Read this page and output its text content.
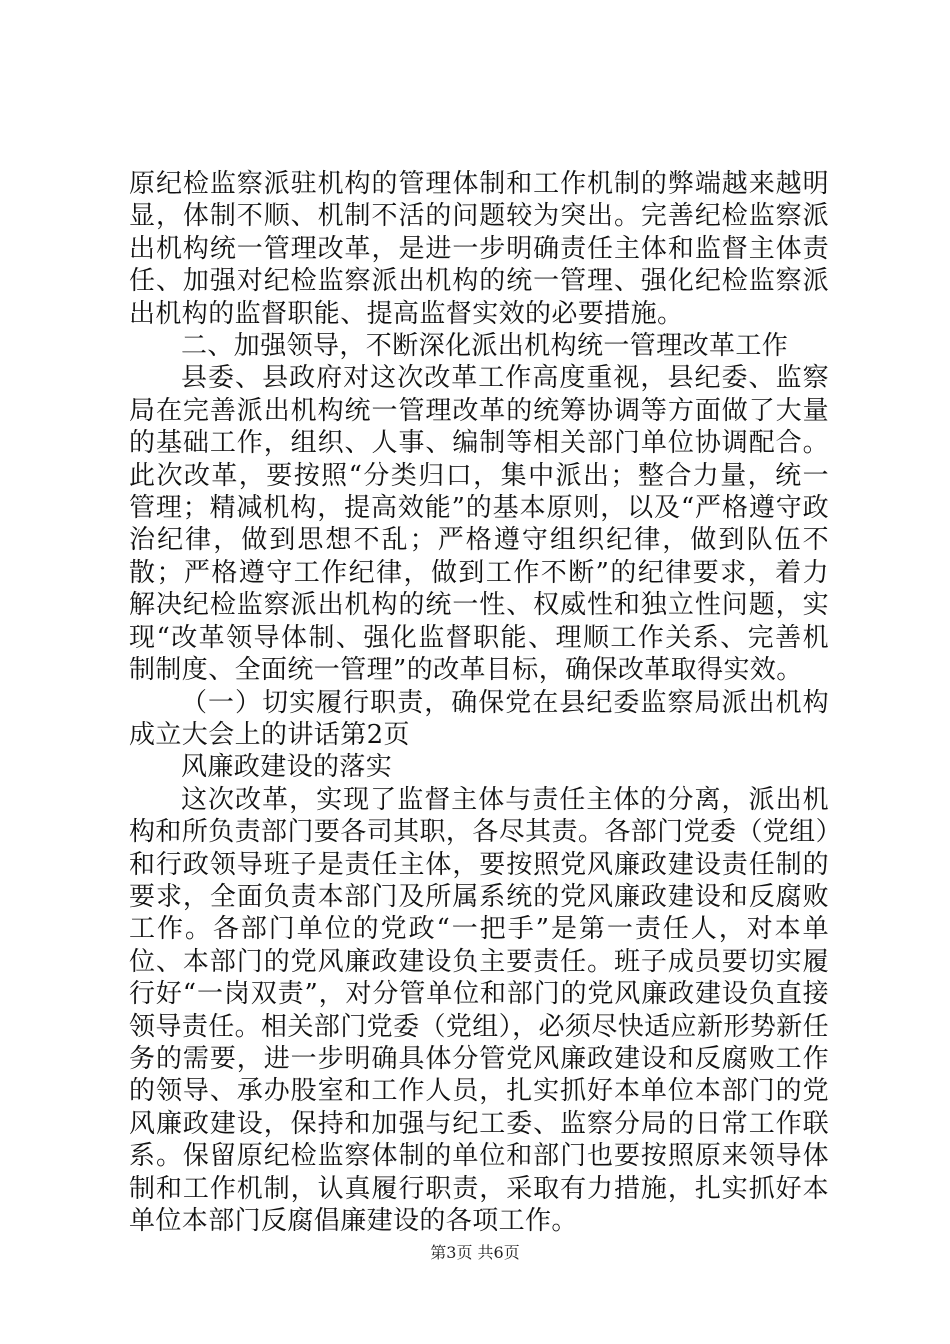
原纪检监察派驻机构的管理体制和工作机制的弊端越来越明显，体制不顺、机制不活的问题较为突出。完善纪检监察派出机构统一管理改革，是进一步明确责任主体和监督主体责任、加强对纪检监察派出机构的统一管理、强化纪检监察派出机构的监督职能、提高监督实效的必要措施。

二、加强领导，不断深化派出机构统一管理改革工作

县委、县政府对这次改革工作高度重视，县纪委、监察局在完善派出机构统一管理改革的统筹协调等方面做了大量的基础工作，组织、人事、编制等相关部门单位协调配合。此次改革，要按照“分类归口，集中派出；整合力量，统一管理；精减机构，提高效能”的基本原则，以及“严格遵守政治纪律，做到思想不乱；严格遵守组织纪律，做到队伍不散；严格遵守工作纪律，做到工作不断”的纪律要求，着力解决纪检监察派出机构的统一性、权威性和独立性问题，实现“改革领导体制、强化监督职能、理顺工作关系、完善机制制度、全面统一管理”的改革目标，确保改革取得实效。

（一）切实履行职责，确保党在县纪委监察局派出机构成立大会上的讲话第2页

风廉政建设的落实

这次改革，实现了监督主体与责任主体的分离，派出机构和所负责部门要各司其职，各尽其责。各部门党委（党组）和行政领导班子是责任主体，要按照党风廉政建设责任制的要求，全面负责本部门及所属系统的党风廉政建设和反腐败工作。各部门单位的党政“一把手”是第一责任人，对本单位、本部门的党风廉政建设负主要责任。班子成员要切实履行好“一岗双责”，对分管单位和部门的党风廉政建设负直接领导责任。相关部门党委（党组），必须尽快适应新形势新任务的需要，进一步明确具体分管党风廉政建设和反腐败工作的领导、承办股室和工作人员，扎实抓好本单位本部门的党风廉政建设，保持和加强与纪工委、监察分局的日常工作联系。保留原纪检监察体制的单位和部门也要按照原来领导体制和工作机制，认真履行职责，采取有力措施，扎实抓好本单位本部门反腐倡廉建设的各项工作。

第3页 共6页
